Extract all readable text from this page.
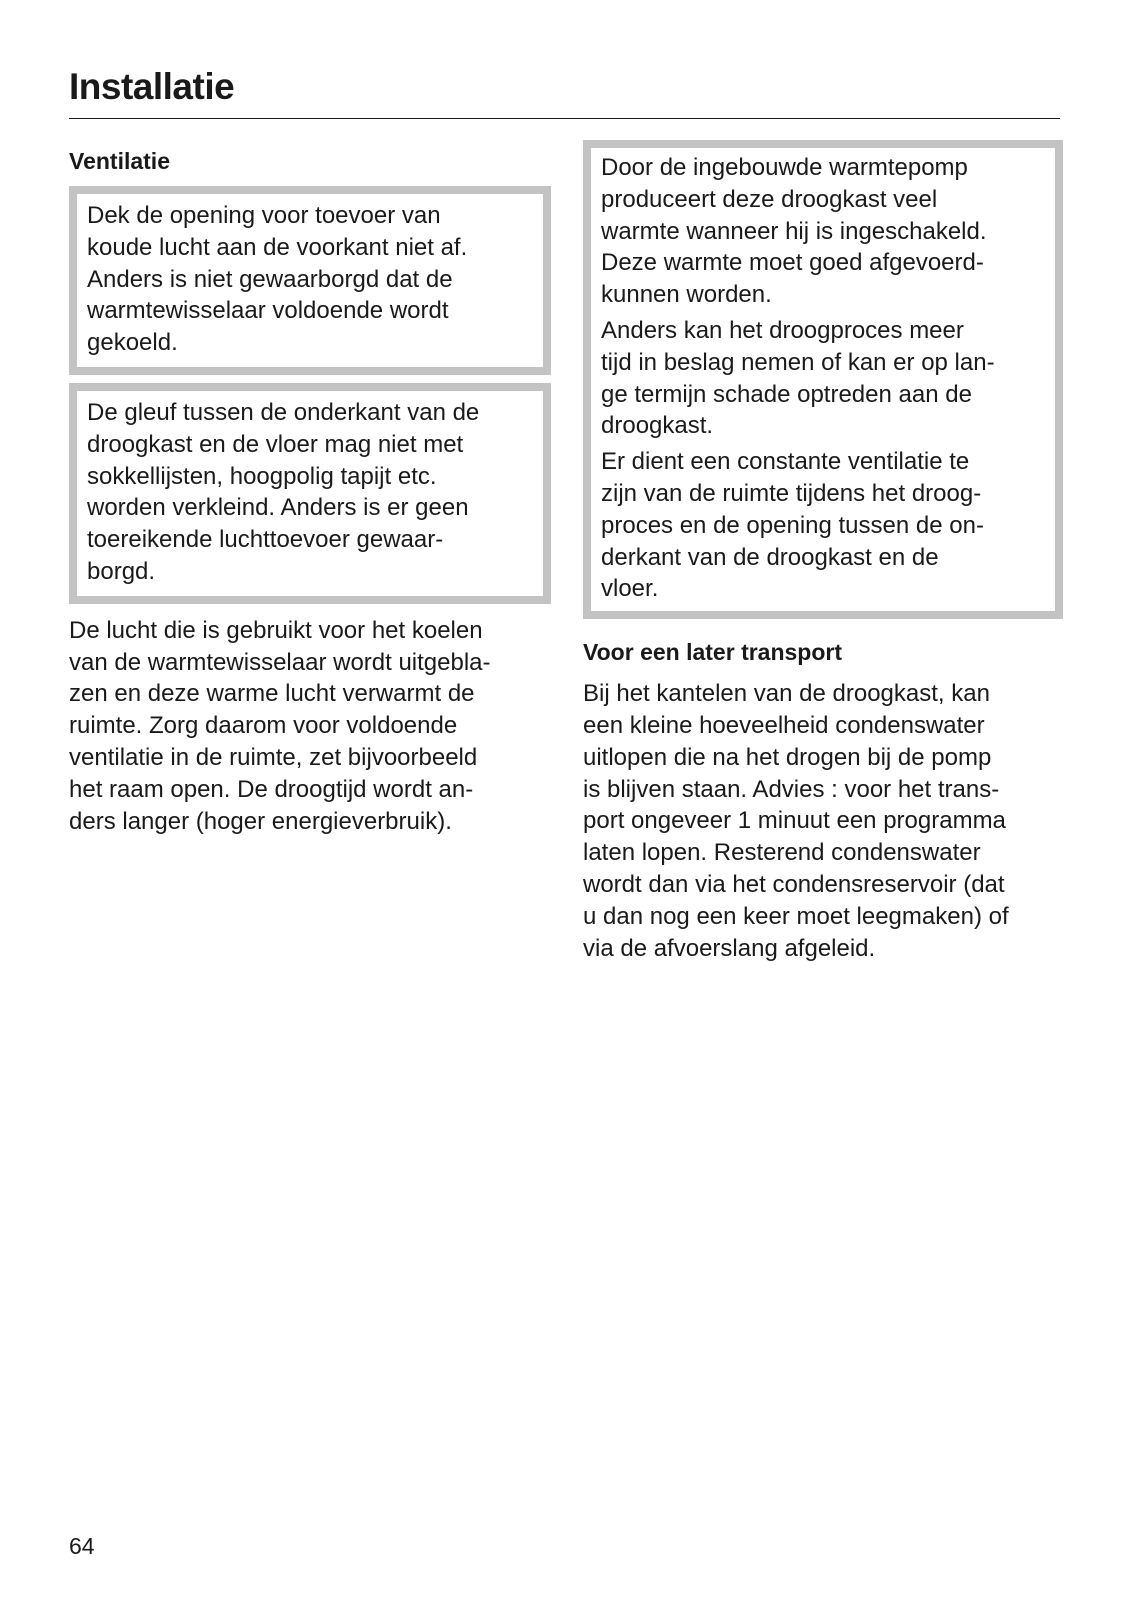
Installatie
Ventilatie

Dek de opening voor toevoer van
koude lucht aan de voorkant niet af.
Anders is niet gewaarborgd dat de
warmtewisselaar voldoende wordt
gekoeld.

De gleuf tussen de onderkant van de
droogkast en de vloer mag niet met
sokkellijsten, hoogpolig tapijt etc.
worden verkleind. Anders is er geen
toereikende luchttoevoer gewaar-
borgd.

De lucht die is gebruikt voor het koelen
van de warmtewisselaar wordt uitgebla-
zen en deze warme lucht verwarmt de
ruimte. Zorg daarom voor voldoende
ventilatie in de ruimte, zet bijvoorbeeld
het raam open. De droogtijd wordt an-
ders langer (hoger energieverbruik).

Door de ingebouwde warmtepomp
produceert deze droogkast veel
warmte wanneer hij is ingeschakeld.
Deze warmte moet goed afgevoerd-
kunnen worden.

Anders kan het droogproces meer
tijd in beslag nemen of kan er op lan-
ge termijn schade optreden aan de
droogkast.

Er dient een constante ventilatie te
zijn van de ruimte tijdens het droog-
proces en de opening tussen de on-
derkant van de droogkast en de
vloer.

Voor een later transport

Bij het kantelen van de droogkast, kan
een kleine hoeveelheid condenswater
uitlopen die na het drogen bij de pomp
is blijven staan. Advies : voor het trans-
port ongeveer 1 minuut een programma
laten lopen. Resterend condenswater
wordt dan via het condensreservoir (dat
u dan nog een keer moet leegmaken) of
via de afvoerslang afgeleid.

64
